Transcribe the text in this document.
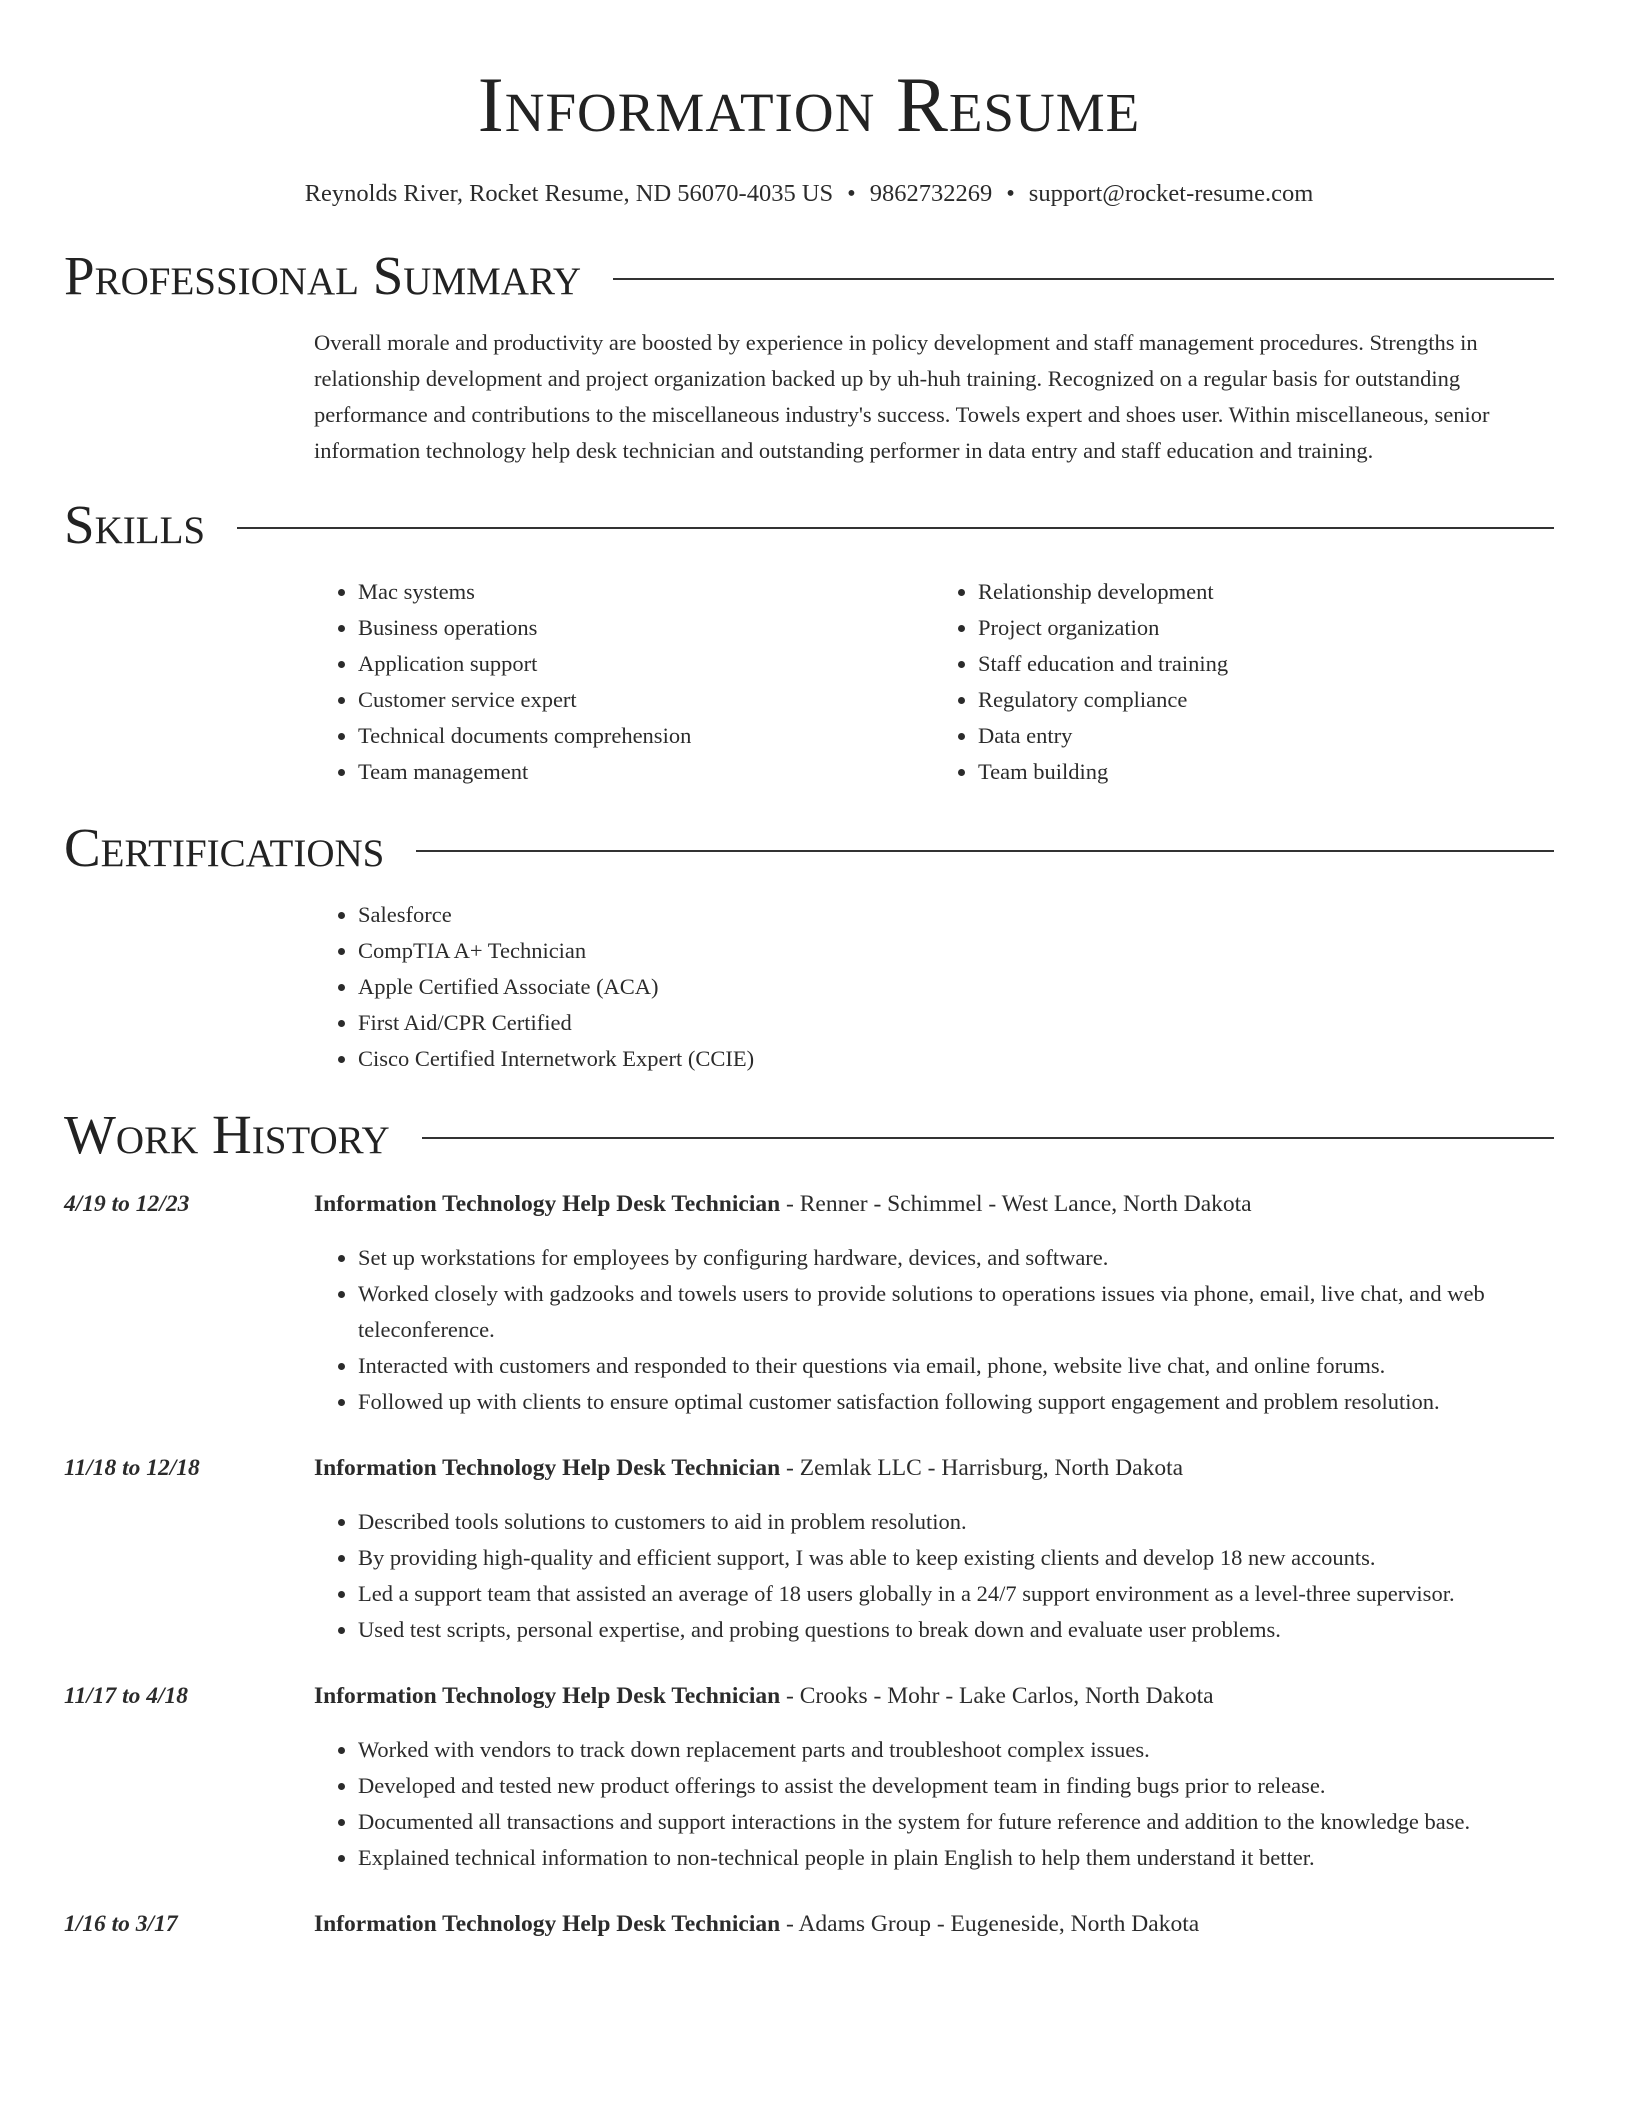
Information Resume
Reynolds River, Rocket Resume, ND 56070-4035 US • 9862732269 • support@rocket-resume.com
Professional Summary
Overall morale and productivity are boosted by experience in policy development and staff management procedures. Strengths in relationship development and project organization backed up by uh-huh training. Recognized on a regular basis for outstanding performance and contributions to the miscellaneous industry's success. Towels expert and shoes user. Within miscellaneous, senior information technology help desk technician and outstanding performer in data entry and staff education and training.
Skills
• Mac systems
• Business operations
• Application support
• Customer service expert
• Technical documents comprehension
• Team management
• Relationship development
• Project organization
• Staff education and training
• Regulatory compliance
• Data entry
• Team building
Certifications
• Salesforce
• CompTIA A+ Technician
• Apple Certified Associate (ACA)
• First Aid/CPR Certified
• Cisco Certified Internetwork Expert (CCIE)
Work History
4/19 to 12/23	Information Technology Help Desk Technician - Renner - Schimmel - West Lance, North Dakota
• Set up workstations for employees by configuring hardware, devices, and software.
• Worked closely with gadzooks and towels users to provide solutions to operations issues via phone, email, live chat, and web teleconference.
• Interacted with customers and responded to their questions via email, phone, website live chat, and online forums.
• Followed up with clients to ensure optimal customer satisfaction following support engagement and problem resolution.
11/18 to 12/18	Information Technology Help Desk Technician - Zemlak LLC - Harrisburg, North Dakota
• Described tools solutions to customers to aid in problem resolution.
• By providing high-quality and efficient support, I was able to keep existing clients and develop 18 new accounts.
• Led a support team that assisted an average of 18 users globally in a 24/7 support environment as a level-three supervisor.
• Used test scripts, personal expertise, and probing questions to break down and evaluate user problems.
11/17 to 4/18	Information Technology Help Desk Technician - Crooks - Mohr - Lake Carlos, North Dakota
• Worked with vendors to track down replacement parts and troubleshoot complex issues.
• Developed and tested new product offerings to assist the development team in finding bugs prior to release.
• Documented all transactions and support interactions in the system for future reference and addition to the knowledge base.
• Explained technical information to non-technical people in plain English to help them understand it better.
1/16 to 3/17	Information Technology Help Desk Technician - Adams Group - Eugeneside, North Dakota
